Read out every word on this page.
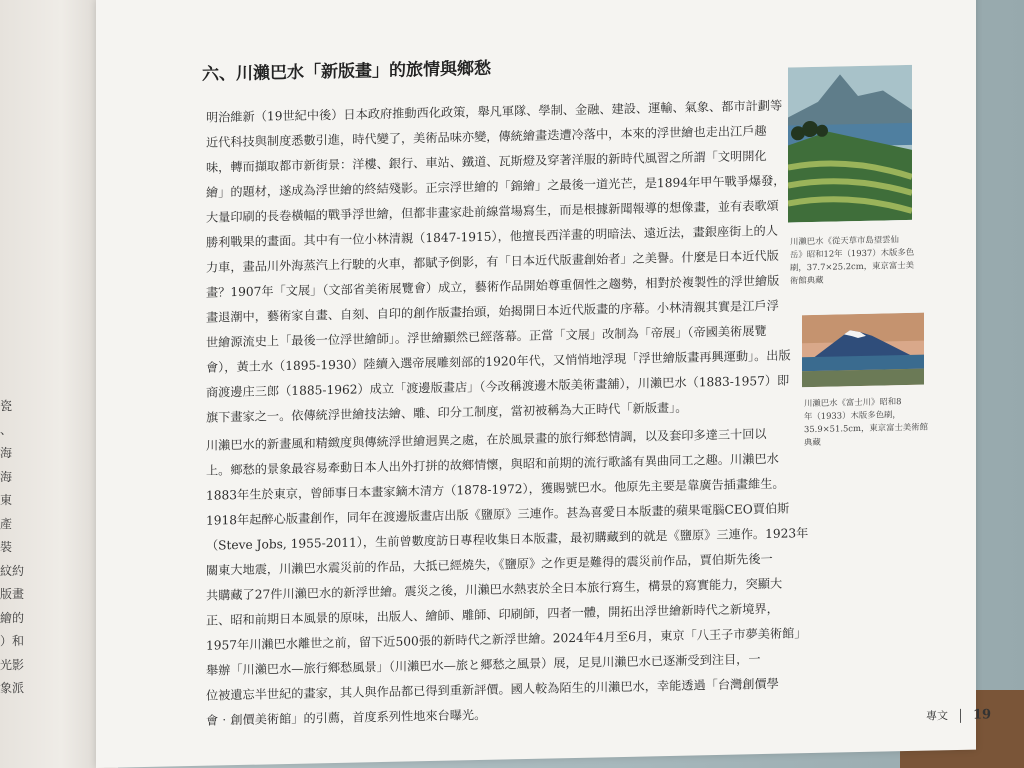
瓷
、
海
海
東
產
裝
紋約
版畫
繪的
）和
光影
象派
六、川瀨巴水「新版畫」的旅情與鄉愁
明治維新（19世紀中後）日本政府推動西化政策，舉凡軍隊、學制、金融、建設、運輸、氣象、都市計劃等
近代科技與制度悉數引進，時代變了，美術品味亦變，傳統繪畫迭遭冷落中，本來的浮世繪也走出江戶趣
味，轉而擷取都市新街景：洋樓、銀行、車站、鐵道、瓦斯燈及穿著洋服的新時代風習之所謂「文明開化
繪」的題材，遂成為浮世繪的終結殘影。正宗浮世繪的「錦繪」之最後一道光芒，是1894年甲午戰爭爆發，
大量印刷的長卷橫幅的戰爭浮世繪，但都非畫家赴前線當場寫生，而是根據新聞報導的想像畫，並有表歌頌
勝利戰果的畫面。其中有一位小林清親（1847-1915），他擅長西洋畫的明暗法、遠近法，畫銀座街上的人
力車，畫品川外海蒸汽上行駛的火車，都賦予倒影，有「日本近代版畫創始者」之美譽。什麼是日本近代版
畫？1907年「文展」（文部省美術展覽會）成立，藝術作品開始尊重個性之趨勢，相對於複製性的浮世繪版
畫退潮中，藝術家自畫、自刻、自印的創作版畫抬頭，始揭開日本近代版畫的序幕。小林清親其實是江戶浮
世繪源流史上「最後一位浮世繪師」。浮世繪顯然已經落幕。正當「文展」改制為「帝展」（帝國美術展覽
會），黃土水（1895-1930）陸續入選帝展雕刻部的1920年代，又悄悄地浮現「浮世繪版畫再興運動」。出版
商渡邊庄三郎（1885-1962）成立「渡邊版畫店」（今改稱渡邊木版美術畫舖），川瀨巴水（1883-1957）即
旗下畫家之一。依傳統浮世繪技法繪、雕、印分工制度，當初被稱為大正時代「新版畫」。
川瀨巴水的新畫風和精緻度與傳統浮世繪迥異之處，在於風景畫的旅行鄉愁情調，以及套印多達三十回以
上。鄉愁的景象最容易牽動日本人出外打拼的故鄉情懷，與昭和前期的流行歌謠有異曲同工之趣。川瀨巴水
1883年生於東京，曾師事日本畫家鏑木清方（1878-1972），獲賜號巴水。他原先主要是靠廣告插畫維生。
1918年起醉心版畫創作，同年在渡邊版畫店出版《鹽原》三連作。甚為喜愛日本版畫的蘋果電腦CEO賈伯斯
（Steve Jobs, 1955-2011），生前曾數度訪日專程收集日本版畫，最初購藏到的就是《鹽原》三連作。1923年
關東大地震，川瀨巴水震災前的作品，大抵已經燒失，《鹽原》之作更是難得的震災前作品，賈伯斯先後一
共購藏了27件川瀨巴水的新浮世繪。震災之後，川瀨巴水熱衷於全日本旅行寫生，構景的寫實能力，突顯大
正、昭和前期日本風景的原味，出版人、繪師、雕師、印刷師，四者一體，開拓出浮世繪新時代之新境界，
1957年川瀨巴水離世之前，留下近500張的新時代之新浮世繪。2024年4月至6月，東京「八王子市夢美術館」
舉辦「川瀨巴水—旅行鄉愁風景」（川瀨巴水—旅と郷愁之風景）展，足見川瀨巴水已逐漸受到注目，一
位被遺忘半世紀的畫家，其人與作品都已得到重新評價。國人較為陌生的川瀨巴水，幸能透過「台灣創價學
會‧創價美術館」的引薦，首度系列性地來台曝光。
川瀨巴水《從天草市島望雲仙
岳》昭和12年（1937）木版多色
刷，37.7×25.2cm，東京富士美
術館典藏
川瀨巴水《富士川》昭和8
年（1933）木版多色刷，
35.9×51.5cm，東京富士美術館
典藏
專文 19
